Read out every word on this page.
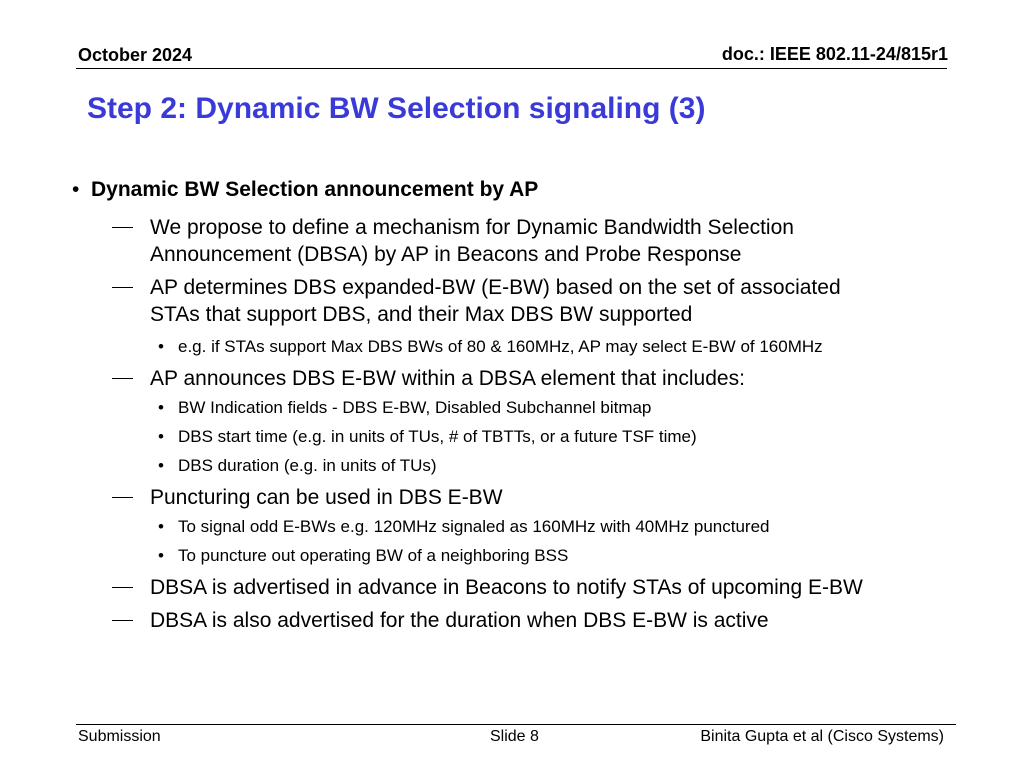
October 2024	doc.: IEEE 802.11-24/815r1
Step 2: Dynamic BW Selection signaling (3)
• Dynamic BW Selection announcement by AP
We propose to define a mechanism for Dynamic Bandwidth Selection
Announcement (DBSA) by AP in Beacons and Probe Response
AP determines DBS expanded-BW (E-BW) based on the set of associated
STAs that support DBS, and their Max DBS BW supported
• e.g. if STAs support Max DBS BWs of 80 & 160MHz, AP may select E-BW of 160MHz
AP announces DBS E-BW within a DBSA element that includes:
• BW Indication fields - DBS E-BW, Disabled Subchannel bitmap
• DBS start time (e.g. in units of TUs, # of TBTTs, or a future TSF time)
• DBS duration (e.g. in units of TUs)
Puncturing can be used in DBS E-BW
• To signal odd E-BWs e.g. 120MHz signaled as 160MHz with 40MHz punctured
• To puncture out operating BW of a neighboring BSS
DBSA is advertised in advance in Beacons to notify STAs of upcoming E-BW
DBSA is also advertised for the duration when DBS E-BW is active
Submission	Slide 8	Binita Gupta et al (Cisco Systems)
